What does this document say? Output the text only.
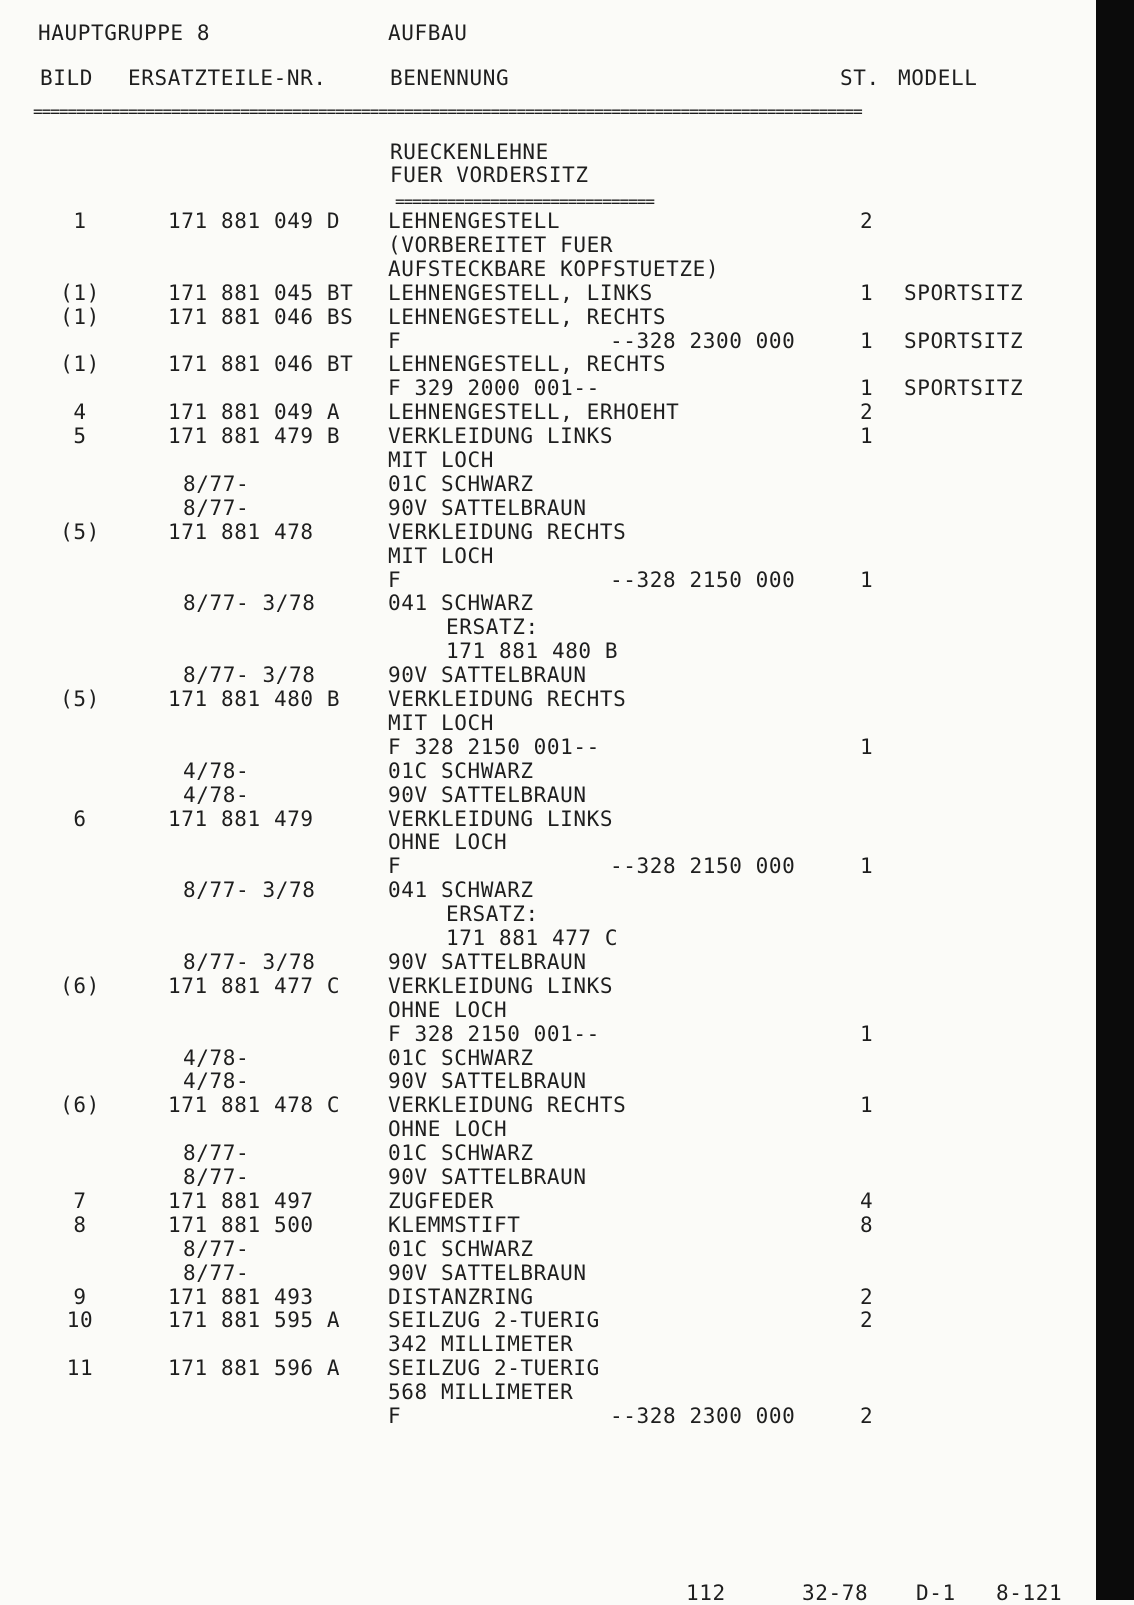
HAUPTGRUPPE 8	AUFBAU
BILD ERSATZTEILE-NR.	BENENNUNG	ST. MODELL
================================================================================================
RUECKENLEHNE
FUER VORDERSITZ
==============================
1	171 881 049 D LEHNENGESTELL	2
(VORBEREITET FUER
AUFSTECKBARE KOPFSTUETZE)
(1)	171 881 045 BT LEHNENGESTELL, LINKS	1 SPORTSITZ
(1)	171 881 046 BS LEHNENGESTELL, RECHTS
F	--328 2300 000	1 SPORTSITZ
(1)	171 881 046 BT LEHNENGESTELL, RECHTS
F 329 2000 001--	1 SPORTSITZ
4	171 881 049 A LEHNENGESTELL, ERHOEHT	2
5	171 881 479 B VERKLEIDUNG LINKS	1
MIT LOCH
8/77-	01C SCHWARZ
8/77-	90V SATTELBRAUN
(5)	171 881 478	VERKLEIDUNG RECHTS
MIT LOCH
F	--328 2150 000	1
8/77- 3/78	041 SCHWARZ
ERSATZ:
171 881 480 B
8/77- 3/78	90V SATTELBRAUN
(5)	171 881 480 B VERKLEIDUNG RECHTS
MIT LOCH
F 328 2150 001--	1
4/78-	01C SCHWARZ
4/78-	90V SATTELBRAUN
6	171 881 479	VERKLEIDUNG LINKS
OHNE LOCH
F	--328 2150 000	1
8/77- 3/78	041 SCHWARZ
ERSATZ:
171 881 477 C
8/77- 3/78	90V SATTELBRAUN
(6)	171 881 477 C VERKLEIDUNG LINKS
OHNE LOCH
F 328 2150 001--	1
4/78-	01C SCHWARZ
4/78-	90V SATTELBRAUN
(6)	171 881 478 C VERKLEIDUNG RECHTS	1
OHNE LOCH
8/77-	01C SCHWARZ
8/77-	90V SATTELBRAUN
7	171 881 497	ZUGFEDER	4
8	171 881 500	KLEMMSTIFT	8
8/77-	01C SCHWARZ
8/77-	90V SATTELBRAUN
9	171 881 493	DISTANZRING	2
10	171 881 595 A SEILZUG 2-TUERIG	2
342 MILLIMETER
11	171 881 596 A SEILZUG 2-TUERIG
568 MILLIMETER
F	--328 2300 000	2
112	32-78 D-1 8-121
